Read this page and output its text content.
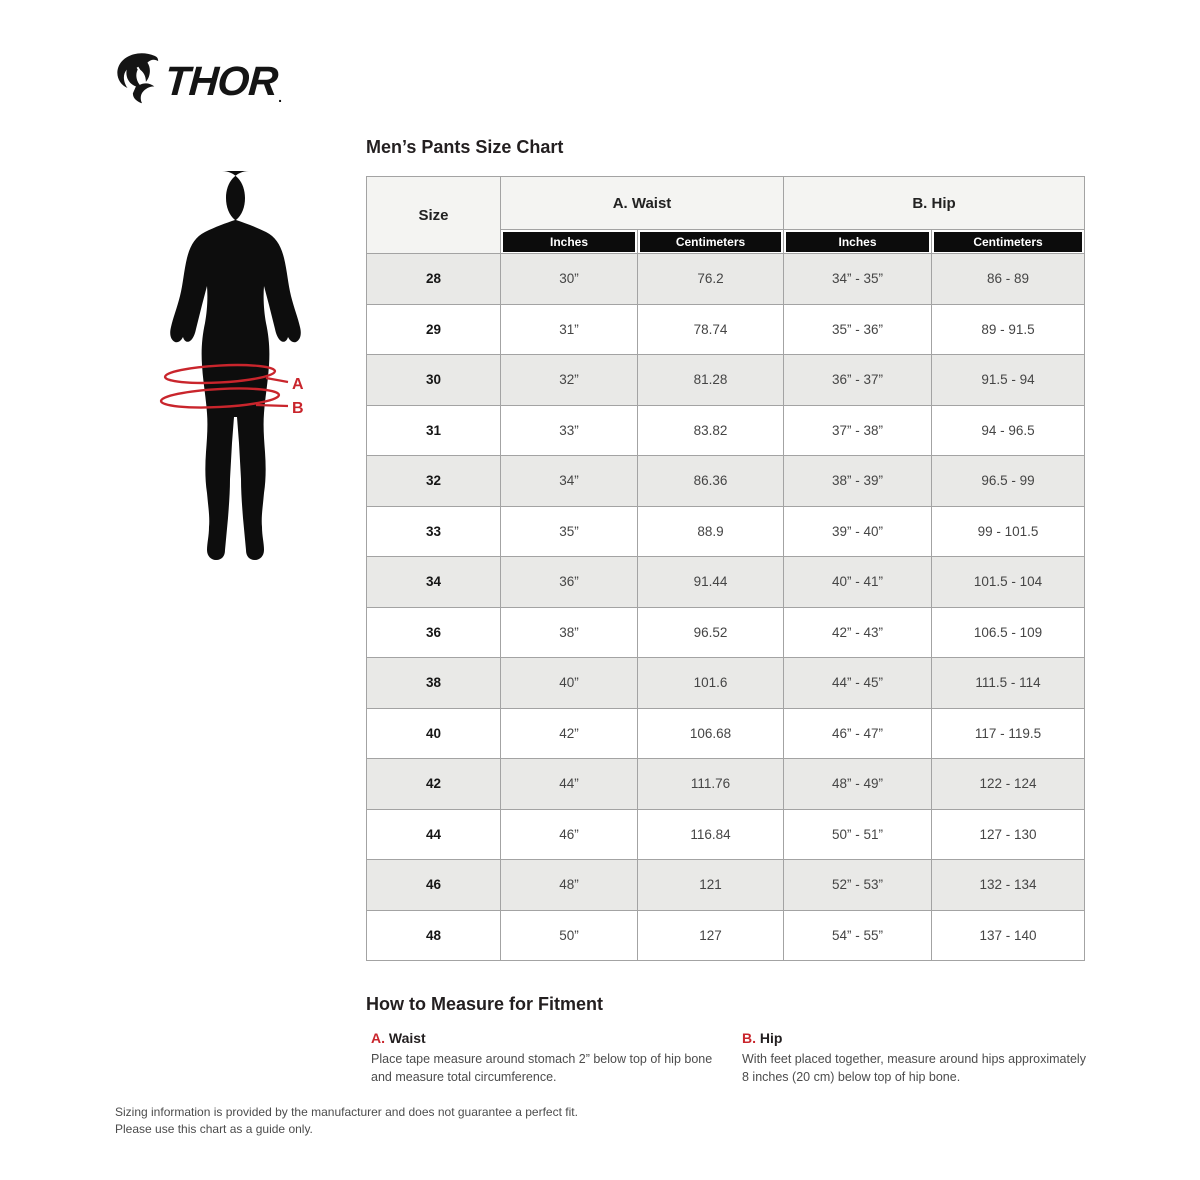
THOR .
A
B
Men’s Pants Size Chart
Size	A. Waist		B. Hip	

	Inches	Centimeters	Inches	Centimeters

28	30”	76.2	34” - 35”	86 - 89
29	31”	78.74	35” - 36”	89 - 91.5
30	32”	81.28	36” - 37”	91.5 - 94
31	33”	83.82	37” - 38”	94 - 96.5
32	34”	86.36	38” - 39”	96.5 - 99
33	35”	88.9	39” - 40”	99 - 101.5
34	36”	91.44	40” - 41”	101.5 - 104
36	38”	96.52	42” - 43”	106.5 - 109
38	40”	101.6	44” - 45”	111.5 - 114
40	42”	106.68	46” - 47”	117 - 119.5
42	44”	111.76	48” - 49”	122 - 124
44	46”	116.84	50” - 51”	127 - 130
46	48”	121	52” - 53”	132 - 134
48	50”	127	54” - 55”	137 - 140
How to Measure for Fitment
A. Waist
Place tape measure around stomach 2” below top of hip bone and measure total circumference.
B. Hip
With feet placed together, measure around hips approximately 8 inches (20 cm) below top of hip bone.
Sizing information is provided by the manufacturer and does not guarantee a perfect fit.
Please use this chart as a guide only.
